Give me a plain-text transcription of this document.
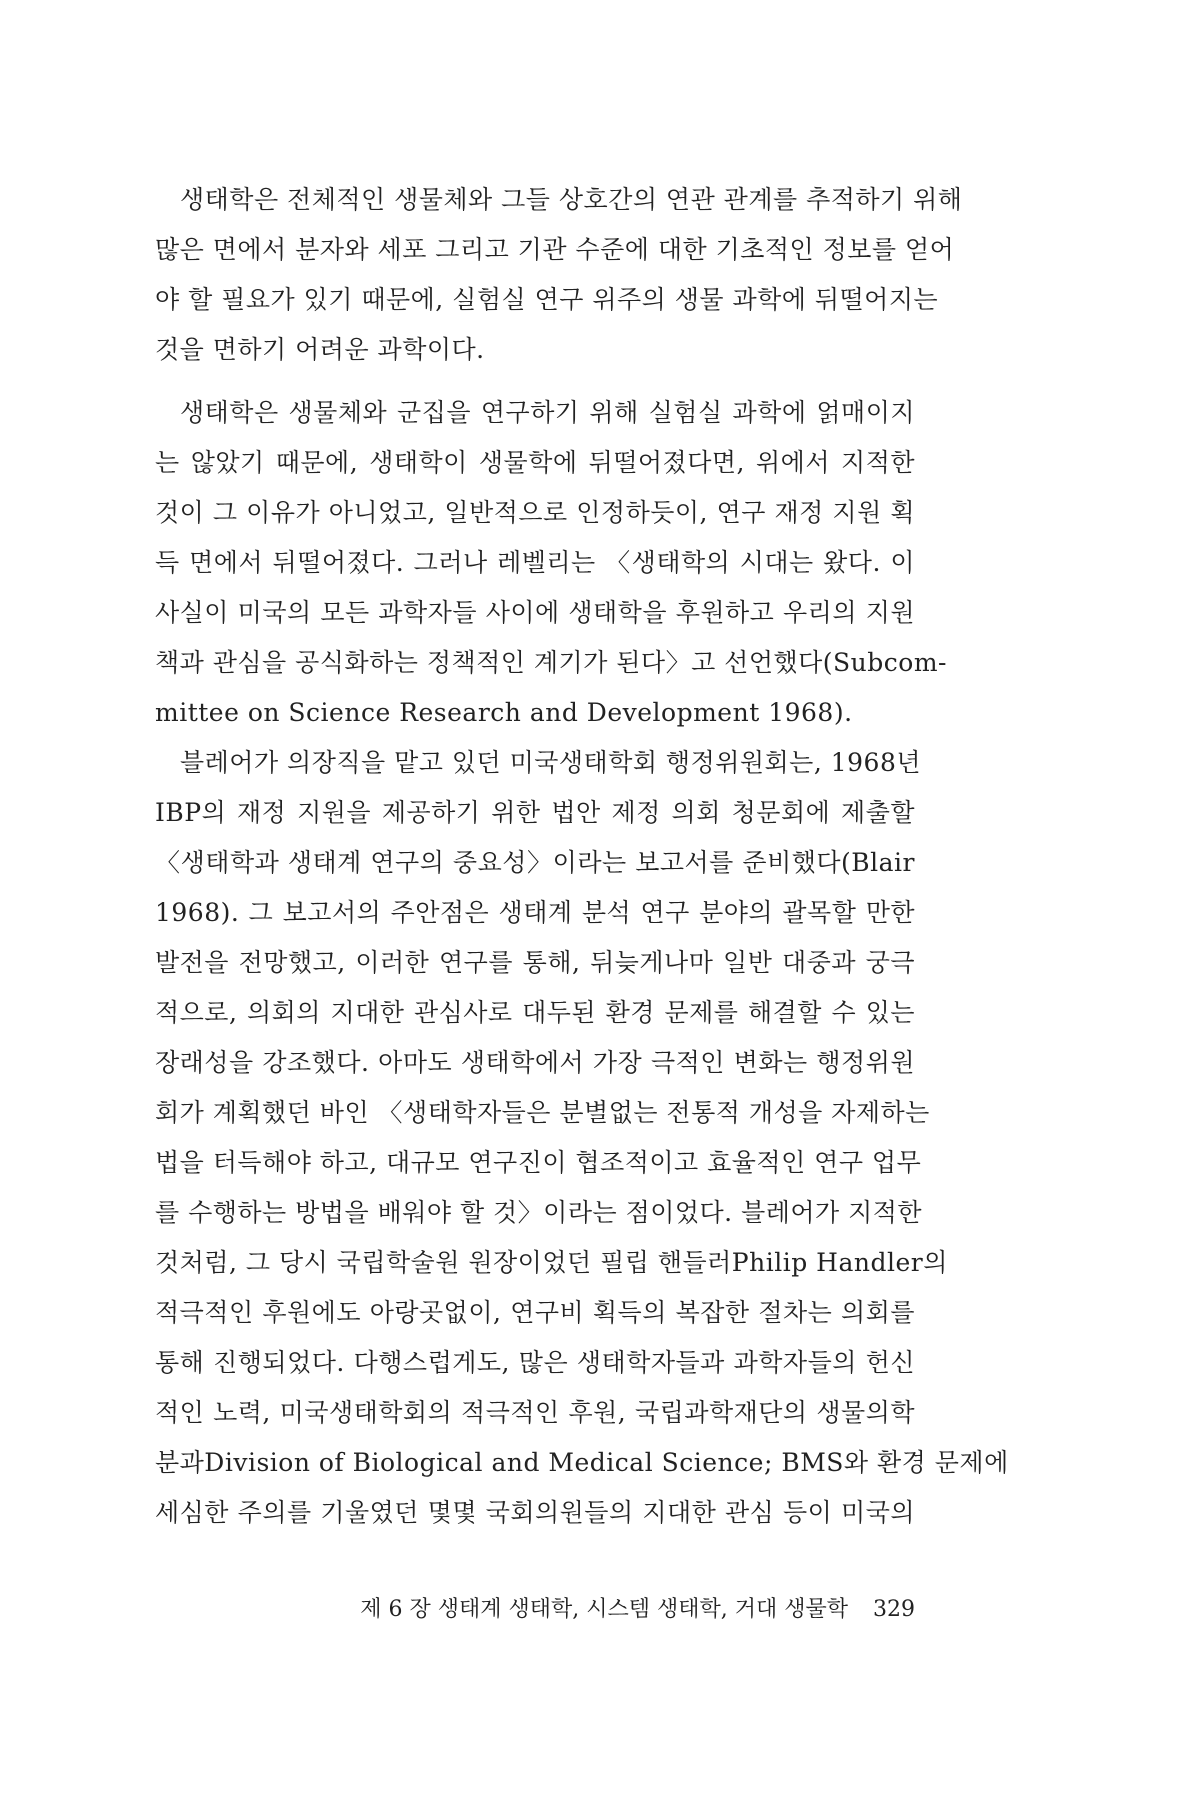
생태학은 전체적인 생물체와 그들 상호간의 연관 관계를 추적하기 위해
많은 면에서 분자와 세포 그리고 기관 수준에 대한 기초적인 정보를 얻어
야 할 필요가 있기 때문에, 실험실 연구 위주의 생물 과학에 뒤떨어지는
것을 면하기 어려운 과학이다.
생태학은 생물체와 군집을 연구하기 위해 실험실 과학에 얽매이지
는 않았기 때문에, 생태학이 생물학에 뒤떨어졌다면, 위에서 지적한
것이 그 이유가 아니었고, 일반적으로 인정하듯이, 연구 재정 지원 획
득 면에서 뒤떨어졌다. 그러나 레벨리는 〈생태학의 시대는 왔다. 이
사실이 미국의 모든 과학자들 사이에 생태학을 후원하고 우리의 지원
책과 관심을 공식화하는 정책적인 계기가 된다〉고 선언했다(Subcom-
mittee on Science Research and Development 1968).
블레어가 의장직을 맡고 있던 미국생태학회 행정위원회는, 1968년
IBP의 재정 지원을 제공하기 위한 법안 제정 의회 청문회에 제출할
〈생태학과 생태계 연구의 중요성〉이라는 보고서를 준비했다(Blair
1968). 그 보고서의 주안점은 생태계 분석 연구 분야의 괄목할 만한
발전을 전망했고, 이러한 연구를 통해, 뒤늦게나마 일반 대중과 궁극
적으로, 의회의 지대한 관심사로 대두된 환경 문제를 해결할 수 있는
장래성을 강조했다. 아마도 생태학에서 가장 극적인 변화는 행정위원
회가 계획했던 바인 〈생태학자들은 분별없는 전통적 개성을 자제하는
법을 터득해야 하고, 대규모 연구진이 협조적이고 효율적인 연구 업무
를 수행하는 방법을 배워야 할 것〉이라는 점이었다. 블레어가 지적한
것처럼, 그 당시 국립학술원 원장이었던 필립 핸들러Philip Handler의
적극적인 후원에도 아랑곳없이, 연구비 획득의 복잡한 절차는 의회를
통해 진행되었다. 다행스럽게도, 많은 생태학자들과 과학자들의 헌신
적인 노력, 미국생태학회의 적극적인 후원, 국립과학재단의 생물의학
분과Division of Biological and Medical Science; BMS와 환경 문제에
세심한 주의를 기울였던 몇몇 국회의원들의 지대한 관심 등이 미국의
제 6 장 생태계 생태학, 시스템 생태학, 거대 생물학 329
